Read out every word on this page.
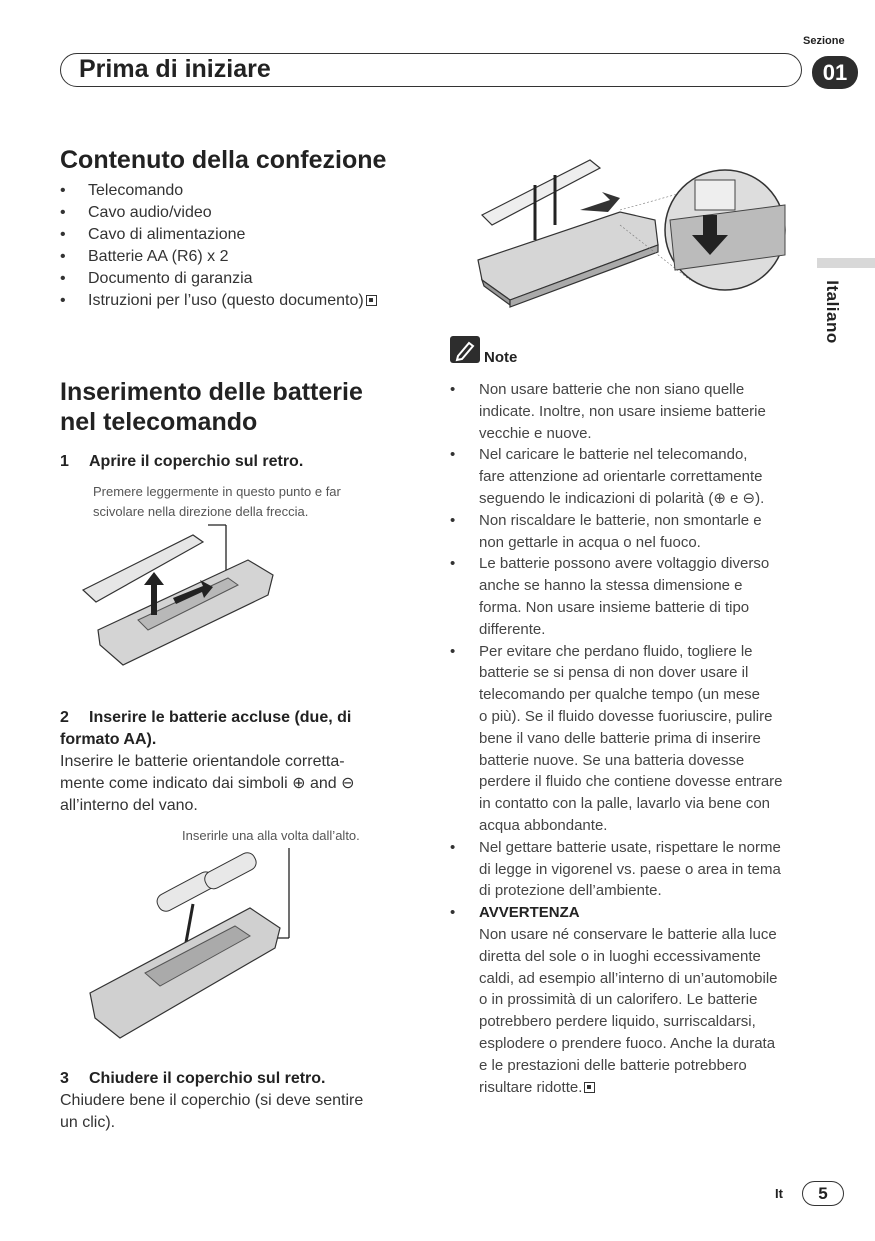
Sezione
Prima di iniziare	01
Italiano
Contenuto della confezione
• Telecomando
• Cavo audio/video
• Cavo di alimentazione
• Batterie AA (R6) x 2
• Documento di garanzia
• Istruzioni per l’uso (questo documento)
Note
• Non usare batterie che non siano quelle
indicate. Inoltre, non usare insieme batterie
vecchie e nuove.
• Nel caricare le batterie nel telecomando,
fare attenzione ad orientarle correttamente
seguendo le indicazioni di polarità (⊕ e ⊖).
• Non riscaldare le batterie, non smontarle e
non gettarle in acqua o nel fuoco.
• Le batterie possono avere voltaggio diverso
anche se hanno la stessa dimensione e
forma. Non usare insieme batterie di tipo
differente.
• Per evitare che perdano fluido, togliere le
batterie se si pensa di non dover usare il
telecomando per qualche tempo (un mese
o più). Se il fluido dovesse fuoriuscire, pulire
bene il vano delle batterie prima di inserire
batterie nuove. Se una batteria dovesse
perdere il fluido che contiene dovesse entrare
in contatto con la palle, lavarlo via bene con
acqua abbondante.
• Nel gettare batterie usate, rispettare le norme
di legge in vigorenel vs. paese o area in tema
di protezione dell’ambiente.
• AVVERTENZA
Non usare né conservare le batterie alla luce
diretta del sole o in luoghi eccessivamente
caldi, ad esempio all’interno di un’automobile
o in prossimità di un calorifero. Le batterie
potrebbero perdere liquido, surriscaldarsi,
esplodere o prendere fuoco. Anche la durata
e le prestazioni delle batterie potrebbero
risultare ridotte.
Inserimento delle batterie
nel telecomando
1 Aprire il coperchio sul retro.
Premere leggermente in questo punto e far
scivolare nella direzione della freccia.
2 Inserire le batterie accluse (due, di
formato AA).
Inserire le batterie orientandole corretta-
mente come indicato dai simboli ⊕ and ⊖
all’interno del vano.
Inserirle una alla volta dall’alto.
3 Chiudere il coperchio sul retro.
Chiudere bene il coperchio (si deve sentire
un clic).
It	5
